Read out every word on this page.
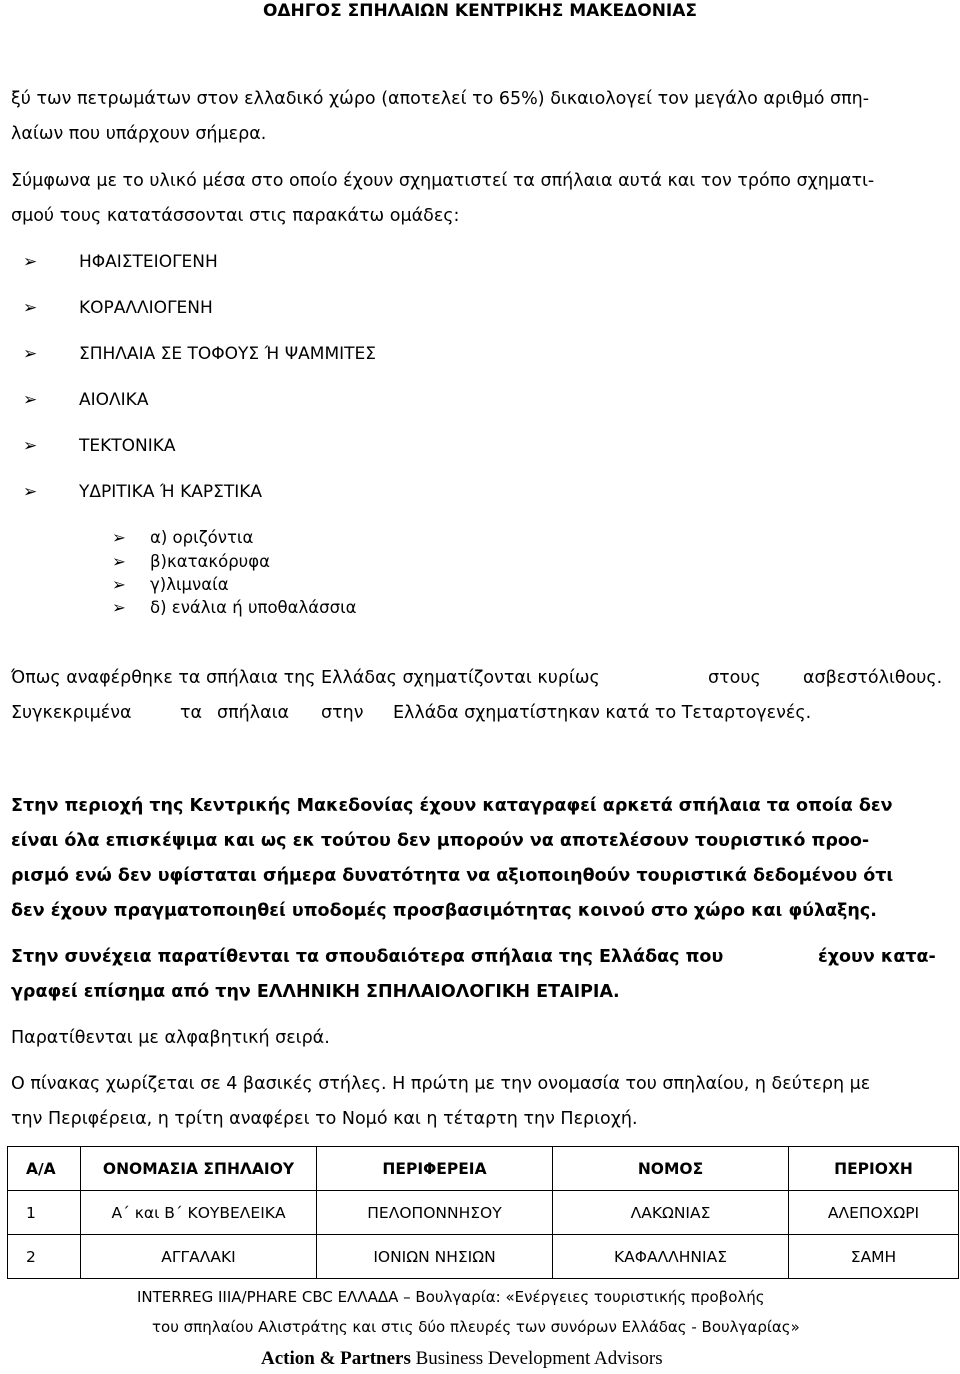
ΟΔΗΓΟΣ ΣΠΗΛΑΙΩΝ ΚΕΝΤΡΙΚΗΣ ΜΑΚΕΔΟΝΙΑΣ
ξύ των πετρωμάτων στον ελλαδικό χώρο (αποτελεί το 65%) δικαιολογεί τον μεγάλο αριθμό σπη-
λαίων που υπάρχουν σήμερα.
Σύμφωνα με το υλικό μέσα στο οποίο έχουν σχηματιστεί τα σπήλαια αυτά και τον τρόπο σχηματι-
σμού τους κατατάσσονται στις παρακάτω ομάδες:
➢ ΗΦΑΙΣΤΕΙΟΓΕΝΗ
➢ ΚΟΡΑΛΛΙΟΓΕΝΗ
➢ ΣΠΗΛΑΙΑ ΣΕ ΤΟΦΟΥΣ Ή ΨΑΜΜΙΤΕΣ
➢ ΑΙΟΛΙΚΑ
➢ ΤΕΚΤΟΝΙΚΑ
➢ ΥΔΡΙΤΙΚΑ Ή ΚΑΡΣΤΙΚΑ
➢ α) οριζόντια
➢ β)κατακόρυφα
➢ γ)λιμναία
➢ δ) ενάλια ή υποθαλάσσια
Όπως αναφέρθηκε τα σπήλαια της Ελλάδας σχηματίζονται κυρίως	στους ασβεστόλιθους.
Συγκεκριμένα	τα σπήλαια στην Ελλάδα σχηματίστηκαν κατά το Τεταρτογενές.
Στην περιοχή της Κεντρικής Μακεδονίας έχουν καταγραφεί αρκετά σπήλαια τα οποία δεν
είναι όλα επισκέψιμα και ως εκ τούτου δεν μπορούν να αποτελέσουν τουριστικό προο-
ρισμό ενώ δεν υφίσταται σήμερα δυνατότητα να αξιοποιηθούν τουριστικά δεδομένου ότι
δεν έχουν πραγματοποιηθεί υποδομές προσβασιμότητας κοινού στο χώρο και φύλαξης.
Στην συνέχεια παρατίθενται τα σπουδαιότερα σπήλαια της Ελλάδας που	έχουν κατα-
γραφεί επίσημα από την ΕΛΛΗΝΙΚΗ ΣΠΗΛΑΙΟΛΟΓΙΚΗ ΕΤΑΙΡΙΑ.
Παρατίθενται με αλφαβητική σειρά.
Ο πίνακας χωρίζεται σε 4 βασικές στήλες. Η πρώτη με την ονομασία του σπηλαίου, η δεύτερη με
την Περιφέρεια, η τρίτη αναφέρει το Νομό και η τέταρτη την Περιοχή.
Α/Α	ΟΝΟΜΑΣΙΑ ΣΠΗΛΑΙΟΥ	ΠΕΡΙΦΕΡΕΙΑ	ΝΟΜΟΣ	ΠΕΡΙΟΧΗ
1	Α΄ και Β΄ ΚΟΥΒΕΛΕΙΚΑ	ΠΕΛΟΠΟΝΝΗΣΟΥ	ΛΑΚΩΝΙΑΣ	ΑΛΕΠΟΧΩΡΙ
2	ΑΓΓΑΛΑΚΙ	ΙΟΝΙΩΝ ΝΗΣΙΩΝ	ΚΑΦΑΛΛΗΝΙΑΣ	ΣΑΜΗ
INTERREG IIIA/PHARE CBC ΕΛΛΑΔΑ – Βουλγαρία: «Ενέργειες τουριστικής προβολής
του σπηλαίου Αλιστράτης και στις δύο πλευρές των συνόρων Ελλάδας - Βουλγαρίας»
Action & Partners Business Development Advisors
